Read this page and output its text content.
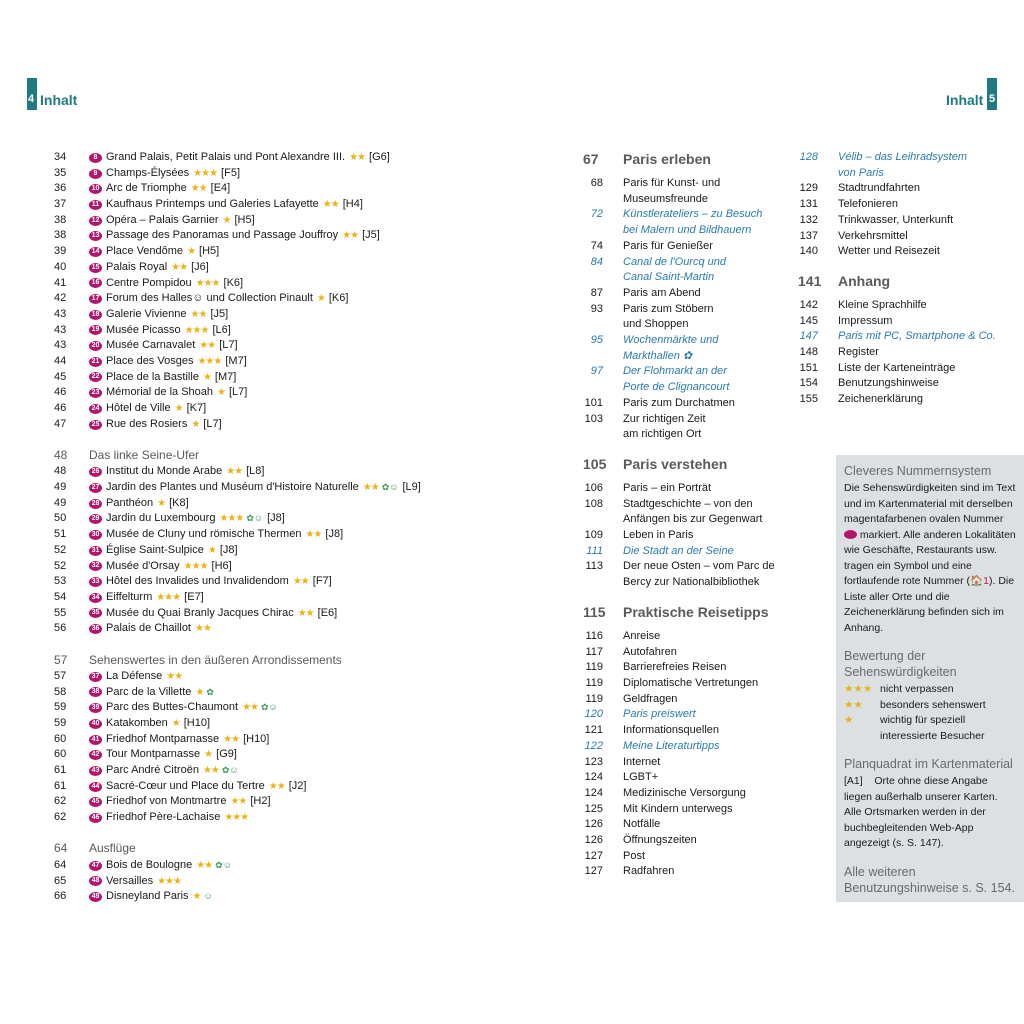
4 Inhalt	Inhalt 5
34	8 Grand Palais, Petit Palais und Pont Alexandre III. ★★ [G6]
35	9 Champs-Élysées ★★★ [F5]
36	10 Arc de Triomphe ★★ [E4]
37	11 Kaufhaus Printemps und Galeries Lafayette ★★ [H4]
38	12 Opéra – Palais Garnier ★ [H5]
38	13 Passage des Panoramas und Passage Jouffroy ★★ [J5]
39	14 Place Vendôme ★ [H5]
40	15 Palais Royal ★★ [J6]
41	16 Centre Pompidou ★★★ [K6]
42	17 Forum des Halles ☺ und Collection Pinault ★ [K6]
43	18 Galerie Vivienne ★★ [J5]
43	19 Musée Picasso ★★★ [L6]
43	20 Musée Carnavalet ★★ [L7]
44	21 Place des Vosges ★★★ [M7]
45	22 Place de la Bastille ★ [M7]
46	23 Mémorial de la Shoah ★ [L7]
46	24 Hôtel de Ville ★ [K7]
47	25 Rue des Rosiers ★ [L7]
48	Das linke Seine-Ufer
48	26 Institut du Monde Arabe ★★ [L8]
49	27 Jardin des Plantes und Muséum d'Histoire Naturelle ★★ ✿☺ [L9]
49	28 Panthéon ★ [K8]
50	29 Jardin du Luxembourg ★★★ ✿☺ [J8]
51	30 Musée de Cluny und römische Thermen ★★ [J8]
52	31 Église Saint-Sulpice ★ [J8]
52	32 Musée d'Orsay ★★★ [H6]
53	33 Hôtel des Invalides und Invalidendom ★★ [F7]
54	34 Eiffelturm ★★★ [E7]
55	35 Musée du Quai Branly Jacques Chirac ★★ [E6]
56	36 Palais de Chaillot ★★
57	Sehenswertes in den äußeren Arrondissements
57	37 La Défense ★★
58	38 Parc de la Villette ★ ✿
59	39 Parc des Buttes-Chaumont ★★ ✿☺
59	40 Katakomben ★ [H10]
60	41 Friedhof Montparnasse ★★ [H10]
60	42 Tour Montparnasse ★ [G9]
61	43 Parc André Citroën ★★ ✿☺
61	44 Sacré-Cœur und Place du Tertre ★★ [J2]
62	45 Friedhof von Montmartre ★★ [H2]
62	46 Friedhof Père-Lachaise ★★★
64	Ausflüge
64	47 Bois de Boulogne ★★ ✿☺
65	48 Versailles ★★★
66	49 Disneyland Paris ★ ☺
67	Paris erleben
68 Paris für Kunst- und
Museumsfreunde
72 Künstlerateliers – zu Besuch
bei Malern und Bildhauern
74 Paris für Genießer
84 Canal de l'Ourcq und
Canal Saint-Martin
87 Paris am Abend
93 Paris zum Stöbern
und Shoppen
95 Wochenmärkte und
Markthallen ✿
97 Der Flohmarkt an der
Porte de Clignancourt
101 Paris zum Durchatmen
103 Zur richtigen Zeit
am richtigen Ort
105 Paris verstehen
106 Paris – ein Porträt
108 Stadtgeschichte – von den
Anfängen bis zur Gegenwart
109 Leben in Paris
111 Die Stadt an der Seine
113 Der neue Osten – vom Parc de
Bercy zur Nationalbibliothek
115 Praktische Reisetipps
116 Anreise
117 Autofahren
119 Barrierefreies Reisen
119 Diplomatische Vertretungen
119 Geldfragen
120 Paris preiswert
121 Informationsquellen
122 Meine Literaturtipps
123 Internet
124 LGBT+
124 Medizinische Versorgung
125 Mit Kindern unterwegs
126 Notfälle
126 Öffnungszeiten
127 Post
127 Radfahren
128 Vélib – das Leihradsystem
von Paris
129 Stadtrundfahrten
131 Telefonieren
132 Trinkwasser, Unterkunft
137 Verkehrsmittel
140 Wetter und Reisezeit
141 Anhang
142 Kleine Sprachhilfe
145 Impressum
147 Paris mit PC, Smartphone & Co.
148 Register
151 Liste der Karteneinträge
154 Benutzungshinweise
155 Zeichenerklärung
Cleveres Nummernsystem
Die Sehenswürdigkeiten sind im Text und im Kartenmaterial mit derselben magentafarbenen ovalen Nummer  markiert. Alle anderen Lokalitäten wie Geschäfte, Restaurants usw. tragen ein Symbol und eine fortlaufende rote Nummer (🏠1). Die Liste aller Orte und die Zeichenerklärung befinden sich im Anhang.
Bewertung der Sehenswürdigkeiten
★★★ nicht verpassen
★★	besonders sehenswert
★	wichtig für speziell interessierte Besucher
Planquadrat im Kartenmaterial
[A1] Orte ohne diese Angabe liegen außerhalb unserer Karten. Alle Ortsmarken werden in der buchbegleitenden Web-App angezeigt (s. S. 147).
Alle weiteren Benutzungshinweise s. S. 154.
